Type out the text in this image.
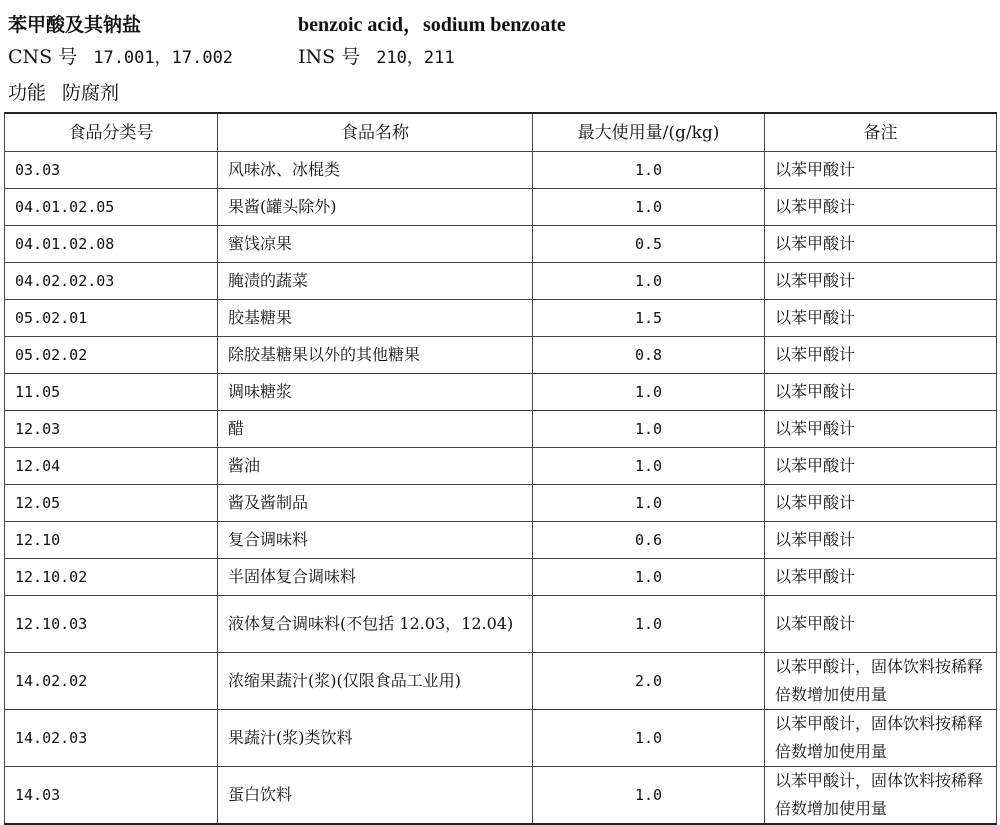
苯甲酸及其钠盐	benzoic acid，sodium benzoate
CNS 号 17.001，17.002	INS 号 210，211
功能 防腐剂
食品分类号	食品名称	最大使用量/(g/kg)	备注
03.03	风味冰、冰棍类	1.0	以苯甲酸计
04.01.02.05	果酱(罐头除外)	1.0	以苯甲酸计
04.01.02.08	蜜饯凉果	0.5	以苯甲酸计
04.02.02.03	腌渍的蔬菜	1.0	以苯甲酸计
05.02.01	胶基糖果	1.5	以苯甲酸计
05.02.02	除胶基糖果以外的其他糖果	0.8	以苯甲酸计
11.05	调味糖浆	1.0	以苯甲酸计
12.03	醋	1.0	以苯甲酸计
12.04	酱油	1.0	以苯甲酸计
12.05	酱及酱制品	1.0	以苯甲酸计
12.10	复合调味料	0.6	以苯甲酸计
12.10.02	半固体复合调味料	1.0	以苯甲酸计
12.10.03	液体复合调味料(不包括 12.03，12.04)	1.0	以苯甲酸计
14.02.02	浓缩果蔬汁(浆)(仅限食品工业用)	2.0	以苯甲酸计，固体饮料按稀释倍数增加使用量
14.02.03	果蔬汁(浆)类饮料	1.0	以苯甲酸计，固体饮料按稀释倍数增加使用量
14.03	蛋白饮料	1.0	以苯甲酸计，固体饮料按稀释倍数增加使用量
